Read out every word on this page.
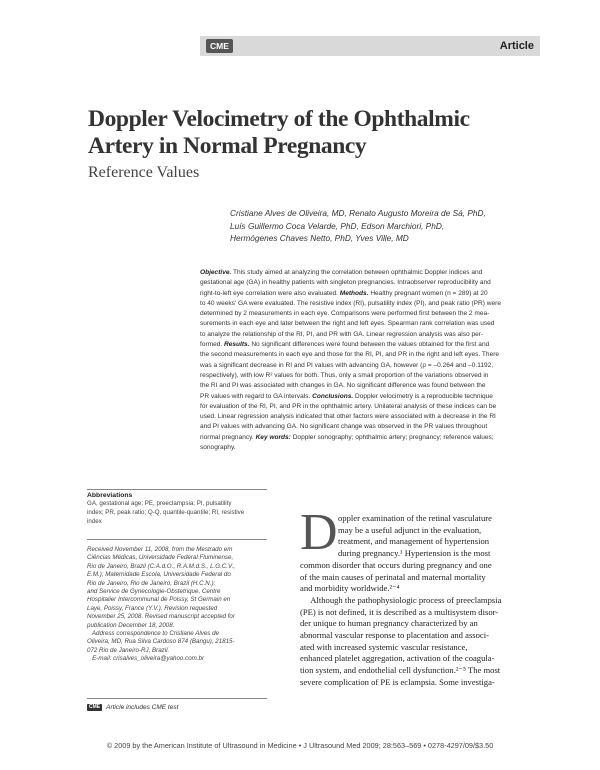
CME	Article
Doppler Velocimetry of the Ophthalmic
Artery in Normal Pregnancy
Reference Values
Cristiane Alves de Oliveira, MD, Renato Augusto Moreira de Sá, PhD,
Luís Guillermo Coca Velarde, PhD, Edson Marchiori, PhD,
Hermógenes Chaves Netto, PhD, Yves Ville, MD
Objective. This study aimed at analyzing the correlation between ophthalmic Doppler indices and
gestational age (GA) in healthy patients with singleton pregnancies. Intraobserver reproducibility and
right-to-left eye correlation were also evaluated. Methods. Healthy pregnant women (n = 289) at 20
to 40 weeks' GA were evaluated. The resistive index (RI), pulsatility index (PI), and peak ratio (PR) were
determined by 2 measurements in each eye. Comparisons were performed first between the 2 mea-
surements in each eye and later between the right and left eyes. Spearman rank correlation was used
to analyze the relationship of the RI, PI, and PR with GA. Linear regression analysis was also per-
formed. Results. No significant differences were found between the values obtained for the first and
the second measurements in each eye and those for the RI, PI, and PR in the right and left eyes. There
was a significant decrease in RI and PI values with advancing GA, however (ρ = –0.264 and –0.1192,
respectively), with low R² values for both. Thus, only a small proportion of the variations observed in
the RI and PI was associated with changes in GA. No significant difference was found between the
PR values with regard to GA intervals. Conclusions. Doppler velocimetry is a reproducible technique
for evaluation of the RI, PI, and PR in the ophthalmic artery. Unilateral analysis of these indices can be
used. Linear regression analysis indicated that other factors were associated with a decrease in the RI
and PI values with advancing GA. No significant change was observed in the PR values throughout
normal pregnancy. Key words: Doppler sonography; ophthalmic artery; pregnancy; reference values;
sonography.
Abbreviations
GA, gestational age; PE, preeclampsia; PI, pulsatility
index; PR, peak ratio; Q-Q, quantile-quantile; RI, resistive
index
Received November 11, 2008, from the Mestrado em
Ciências Médicas, Universidade Federal Fluminense,
Rio de Janeiro, Brazil (C.A.d.O., R.A.M.d.S., L.G.C.V.,
E.M.); Maternidade Escola, Universidade Federal do
Rio de Janeiro, Rio de Janeiro, Brazil (H.C.N.);
and Service de Gynecologie-Obstetrique, Centre
Hospitalier Intercommunal de Poissy, St Germain en
Laye, Poissy, France (Y.V.). Revision requested
November 25, 2008. Revised manuscript accepted for
publication December 18, 2008.
Address correspondence to Cristiane Alves de
Oliveira, MD, Rua Silva Cardoso 874 (Bangu), 21815-
072 Rio de Janeiro-RJ, Brazil.
E-mail: crisalves_oliveira@yahoo.com.br
CME Article includes CME test
D oppler examination of the retinal vasculature
may be a useful adjunct in the evaluation,
treatment, and management of hypertension
during pregnancy.¹ Hypertension is the most
common disorder that occurs during pregnancy and one
of the main causes of perinatal and maternal mortality
and morbidity worldwide.²⁻⁴
Although the pathophysiologic process of preeclampsia
(PE) is not defined, it is described as a multisystem disor-
der unique to human pregnancy characterized by an
abnormal vascular response to placentation and associ-
ated with increased systemic vascular resistance,
enhanced platelet aggregation, activation of the coagula-
tion system, and endothelial cell dysfunction.²⁻⁵ The most
severe complication of PE is eclampsia. Some investiga-
© 2009 by the American Institute of Ultrasound in Medicine • J Ultrasound Med 2009; 28:563–569 • 0278-4297/09/$3.50
